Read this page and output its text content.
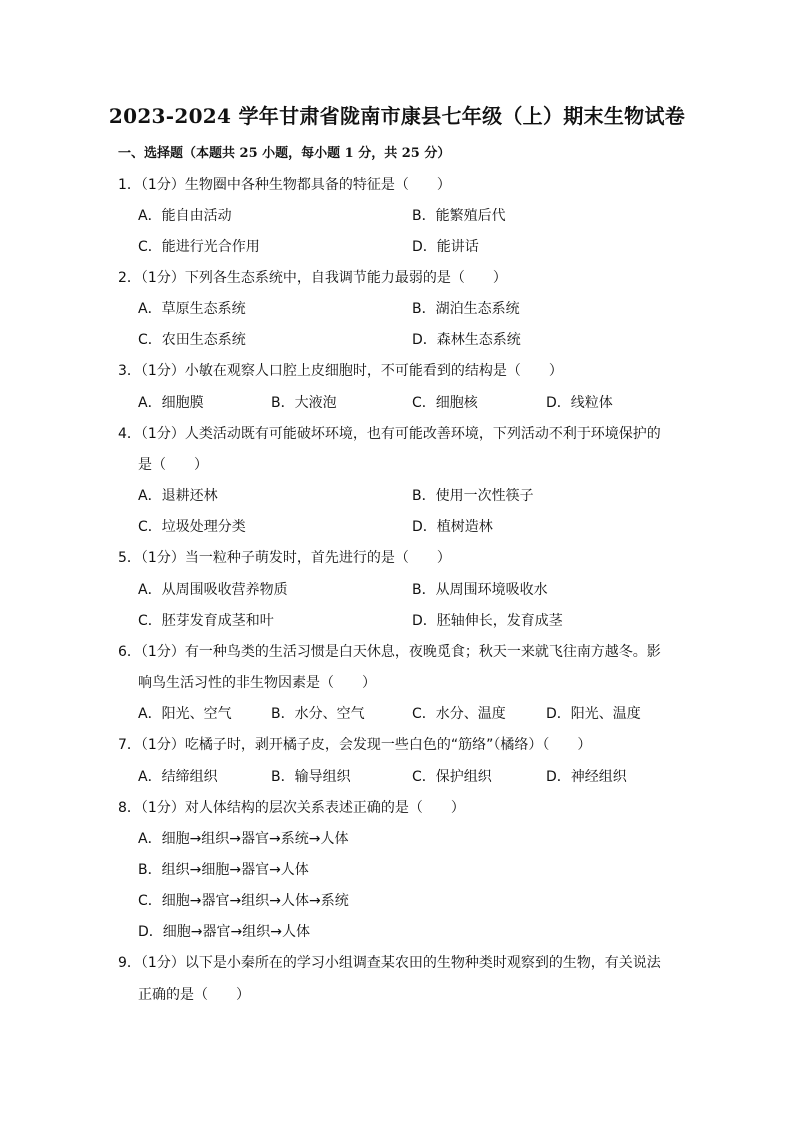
2023-2024 学年甘肃省陇南市康县七年级（上）期末生物试卷
一、选择题（本题共 25 小题，每小题 1 分，共 25 分）
1．（1分）生物圈中各种生物都具备的特征是（　　）
A．能自由活动	B．能繁殖后代
C．能进行光合作用	D．能讲话
2．（1分）下列各生态系统中，自我调节能力最弱的是（　　）
A．草原生态系统	B．湖泊生态系统
C．农田生态系统	D．森林生态系统
3．（1分）小敏在观察人口腔上皮细胞时，不可能看到的结构是（　　）
A．细胞膜	B．大液泡	C．细胞核	D．线粒体
4．（1分）人类活动既有可能破坏环境，也有可能改善环境，下列活动不利于环境保护的
是（　　）
A．退耕还林	B．使用一次性筷子
C．垃圾处理分类	D．植树造林
5．（1分）当一粒种子萌发时，首先进行的是（　　）
A．从周围吸收营养物质	B．从周围环境吸收水
C．胚芽发育成茎和叶	D．胚轴伸长，发育成茎
6．（1分）有一种鸟类的生活习惯是白天休息，夜晚觅食；秋天一来就飞往南方越冬。影
响鸟生活习性的非生物因素是（　　）
A．阳光、空气	B．水分、空气	C．水分、温度	D．阳光、温度
7．（1分）吃橘子时，剥开橘子皮，会发现一些白色的“筋络”（橘络）（　　）
A．结缔组织	B．输导组织	C．保护组织	D．神经组织
8．（1分）对人体结构的层次关系表述正确的是（　　）
A．细胞→组织→器官→系统→人体
B．组织→细胞→器官→人体
C．细胞→器官→组织→人体→系统
D．细胞→器官→组织→人体
9．（1分）以下是小秦所在的学习小组调查某农田的生物种类时观察到的生物，有关说法
正确的是（　　）
